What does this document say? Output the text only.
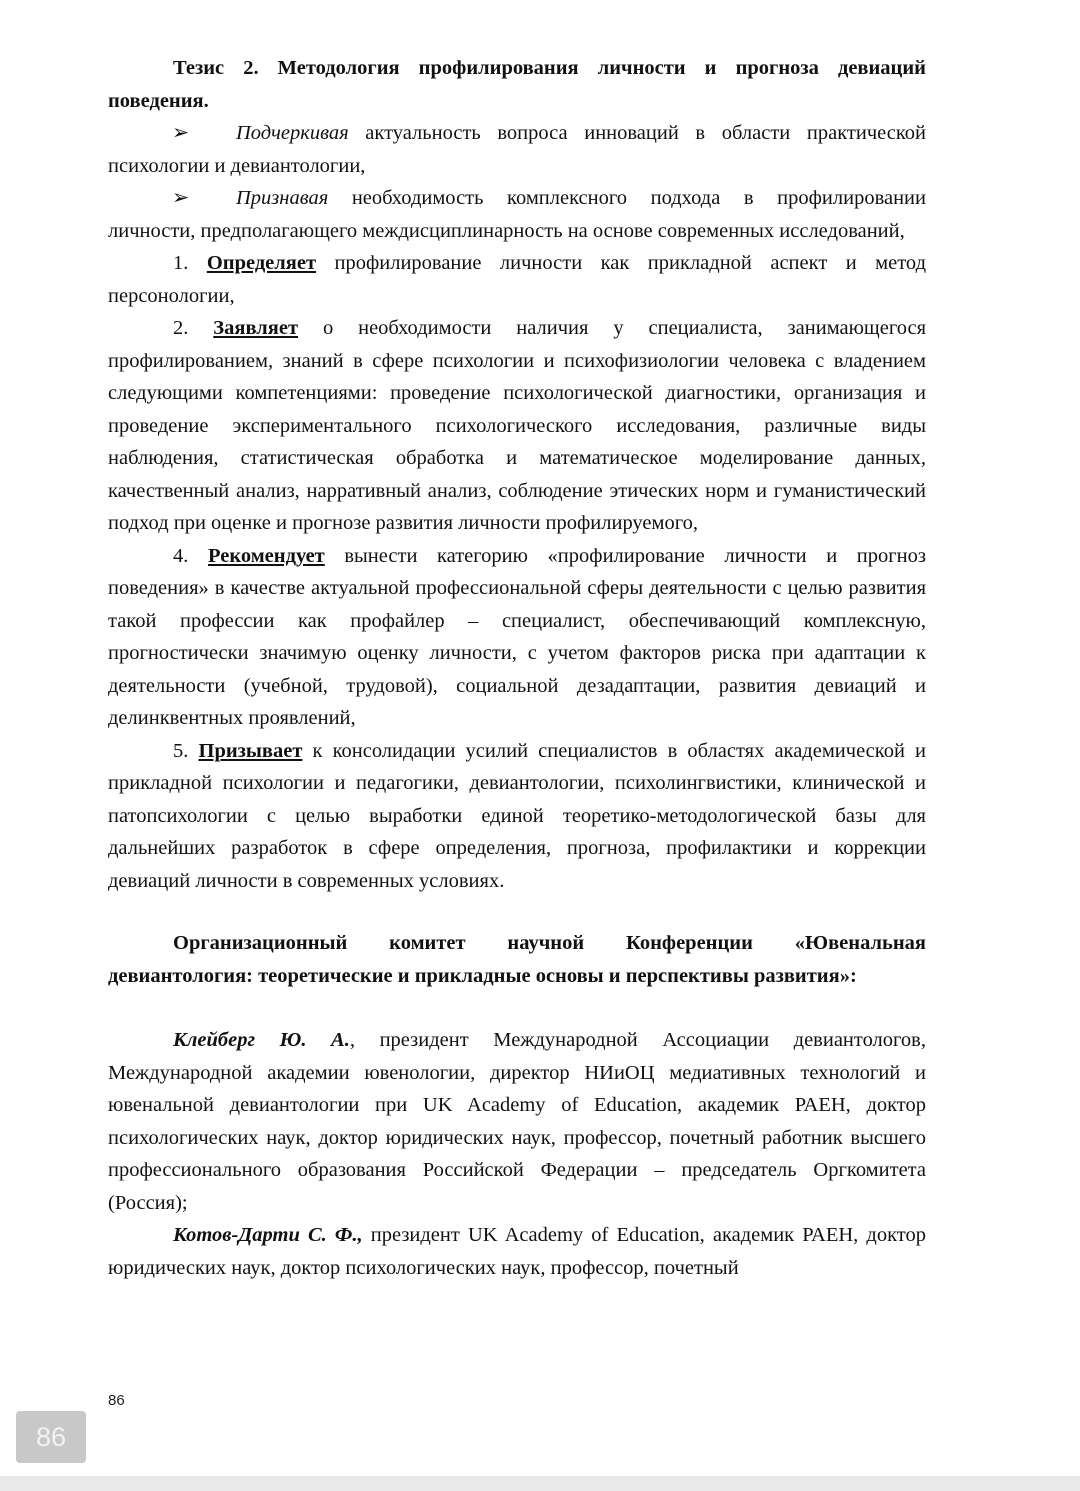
Тезис 2. Методология профилирования личности и прогноза девиаций поведения.

➢ Подчеркивая актуальность вопроса инноваций в области практической психологии и девиантологии,

➢ Признавая необходимость комплексного подхода в профилировании личности, предполагающего междисциплинарность на основе современных исследований,

1. Определяет профилирование личности как прикладной аспект и метод персонологии,

2. Заявляет о необходимости наличия у специалиста, занимающегося профилированием, знаний в сфере психологии и психофизиологии человека с владением следующими компетенциями: проведение психологической диагностики, организация и проведение экспериментального психологического исследования, различные виды наблюдения, статистическая обработка и математическое моделирование данных, качественный анализ, нарративный анализ, соблюдение этических норм и гуманистический подход при оценке и прогнозе развития личности профилируемого,

4. Рекомендует вынести категорию «профилирование личности и прогноз поведения» в качестве актуальной профессиональной сферы деятельности с целью развития такой профессии как профайлер – специалист, обеспечивающий комплексную, прогностически значимую оценку личности, с учетом факторов риска при адаптации к деятельности (учебной, трудовой), социальной дезадаптации, развития девиаций и делинквентных проявлений,

5. Призывает к консолидации усилий специалистов в областях академической и прикладной психологии и педагогики, девиантологии, психолингвистики, клинической и патопсихологии с целью выработки единой теоретико-методологической базы для дальнейших разработок в сфере определения, прогноза, профилактики и коррекции девиаций личности в современных условиях.

Организационный комитет научной Конференции «Ювенальная девиантология: теоретические и прикладные основы и перспективы развития»:

Клейберг Ю. А., президент Международной Ассоциации девиантологов, Международной академии ювенологии, директор НИиОЦ медиативных технологий и ювенальной девиантологии при UK Academy of Education, академик РАЕН, доктор психологических наук, доктор юридических наук, профессор, почетный работник высшего профессионального образования Российской Федерации – председатель Оргкомитета (Россия);

Котов-Дарти С. Ф., президент UK Academy of Education, академик РАЕН, доктор юридических наук, доктор психологических наук, профессор, почетный

86
86
